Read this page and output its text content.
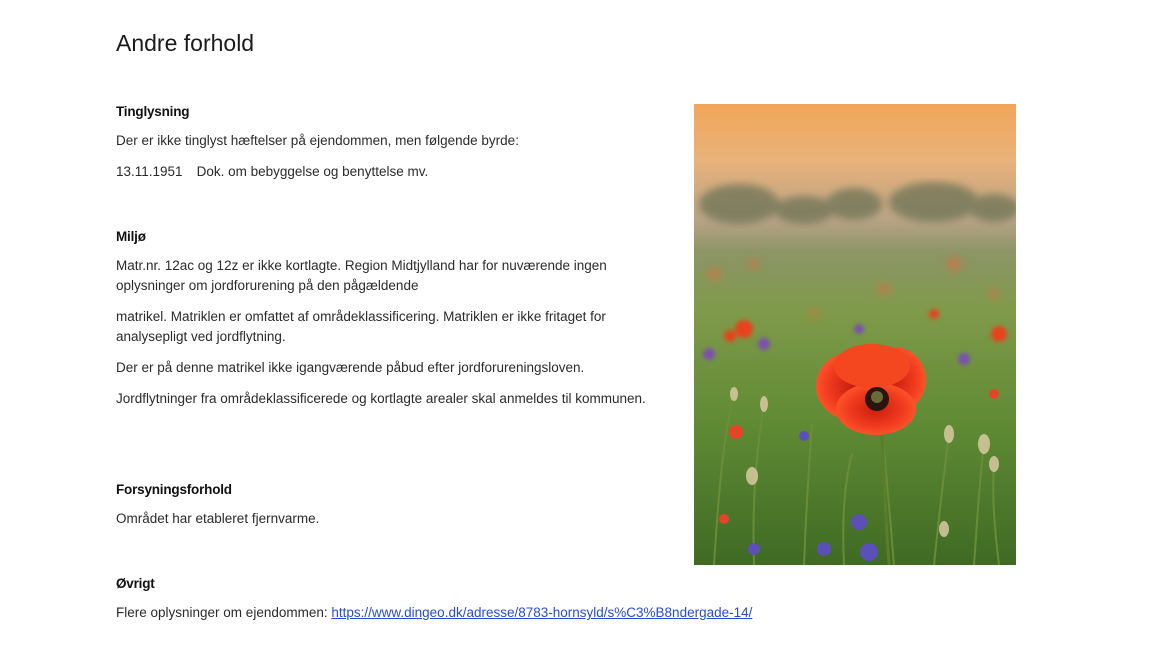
Andre forhold

Tinglysning

Der er ikke tinglyst hæftelser på ejendommen, men følgende byrde:

13.11.1951 Dok. om bebyggelse og benyttelse mv.

Miljø

Matr.nr. 12ac og 12z er ikke kortlagte. Region Midtjylland har for nuværende ingen oplysninger om jordforurening på den pågældende

matrikel. Matriklen er omfattet af områdeklassificering. Matriklen er ikke fritaget for analysepligt ved jordflytning.

Der er på denne matrikel ikke igangværende påbud efter jordforureningsloven.

Jordflytninger fra områdeklassificerede og kortlagte arealer skal anmeldes til kommunen.

Forsyningsforhold

Området har etableret fjernvarme.

Øvrigt

Flere oplysninger om ejendommen: https://www.dingeo.dk/adresse/8783-hornsyld/s%C3%B8ndergade-14/
